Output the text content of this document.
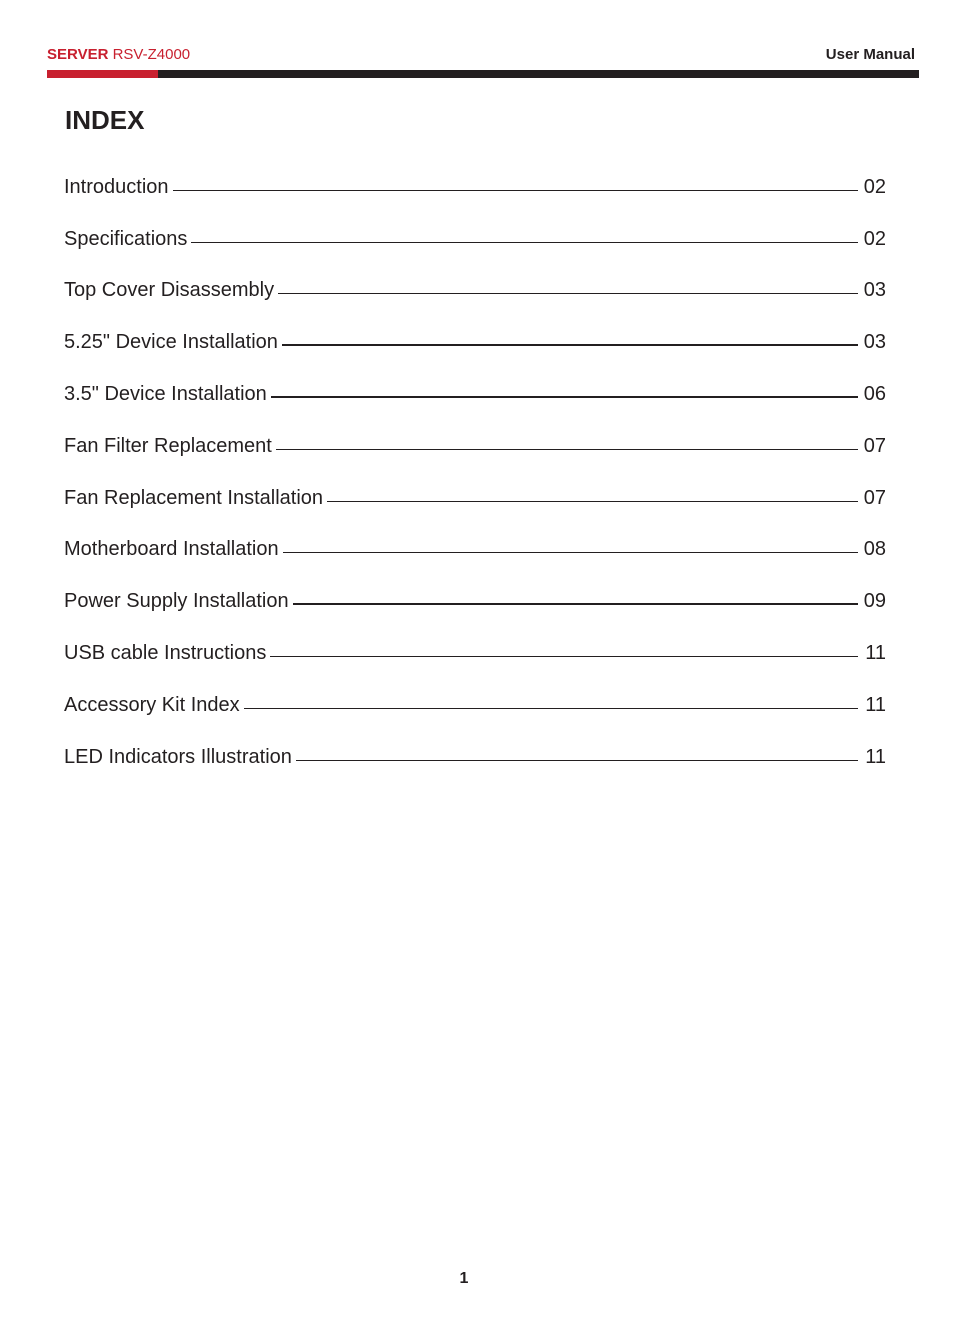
SERVER RSV-Z4000	User Manual
INDEX
Introduction	02
Specifications	02
Top Cover Disassembly	03
5.25" Device Installation	03
3.5" Device Installation	06
Fan Filter Replacement	07
Fan Replacement Installation	07
Motherboard Installation	08
Power Supply Installation	09
USB cable Instructions	11
Accessory Kit Index	11
LED Indicators Illustration	11
1
